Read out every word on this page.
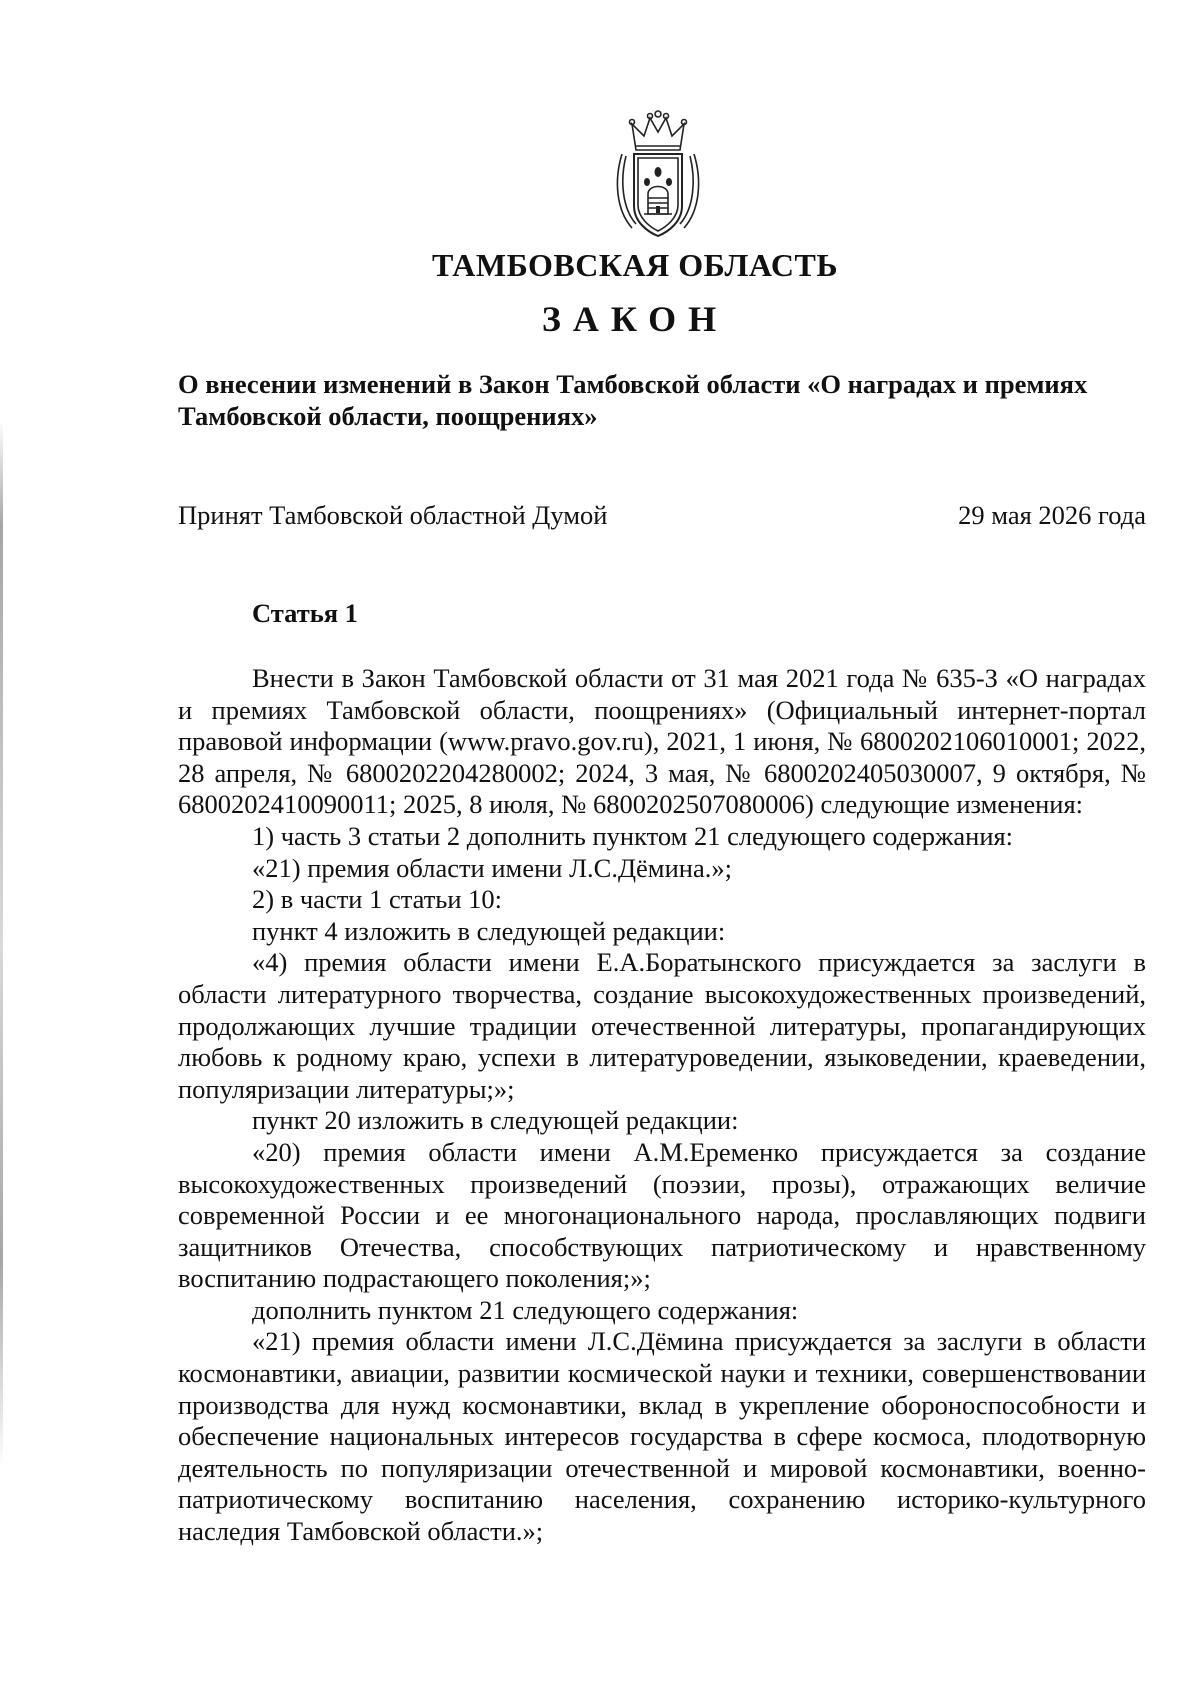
ТАМБОВСКАЯ ОБЛАСТЬ
ЗАКОН
О внесении изменений в Закон Тамбовской области «О наградах и премиях Тамбовской области, поощрениях»
Принят Тамбовской областной Думой	29 мая 2026 года
Статья 1

Внести в Закон Тамбовской области от 31 мая 2021 года № 635-З «О наградах и премиях Тамбовской области, поощрениях» (Официальный интернет-портал правовой информации (www.pravo.gov.ru), 2021, 1 июня, № 6800202106010001; 2022, 28 апреля, № 6800202204280002; 2024, 3 мая, № 6800202405030007, 9 октября, № 6800202410090011; 2025, 8 июля, № 6800202507080006) следующие изменения:

1) часть 3 статьи 2 дополнить пунктом 21 следующего содержания:

«21) премия области имени Л.С.Дёмина.»;

2) в части 1 статьи 10:

пункт 4 изложить в следующей редакции:

«4) премия области имени Е.А.Боратынского присуждается за заслуги в области литературного творчества, создание высокохудожественных произведений, продолжающих лучшие традиции отечественной литературы, пропагандирующих любовь к родному краю, успехи в литературоведении, языковедении, краеведении, популяризации литературы;»;

пункт 20 изложить в следующей редакции:

«20) премия области имени А.М.Еременко присуждается за создание высокохудожественных произведений (поэзии, прозы), отражающих величие современной России и ее многонационального народа, прославляющих подвиги защитников Отечества, способствующих патриотическому и нравственному воспитанию подрастающего поколения;»;

дополнить пунктом 21 следующего содержания:

«21) премия области имени Л.С.Дёмина присуждается за заслуги в области космонавтики, авиации, развитии космической науки и техники, совершенствовании производства для нужд космонавтики, вклад в укрепление обороноспособности и обеспечение национальных интересов государства в сфере космоса, плодотворную деятельность по популяризации отечественной и мировой космонавтики, военно-патриотическому воспитанию населения, сохранению историко-культурного наследия Тамбовской области.»;
